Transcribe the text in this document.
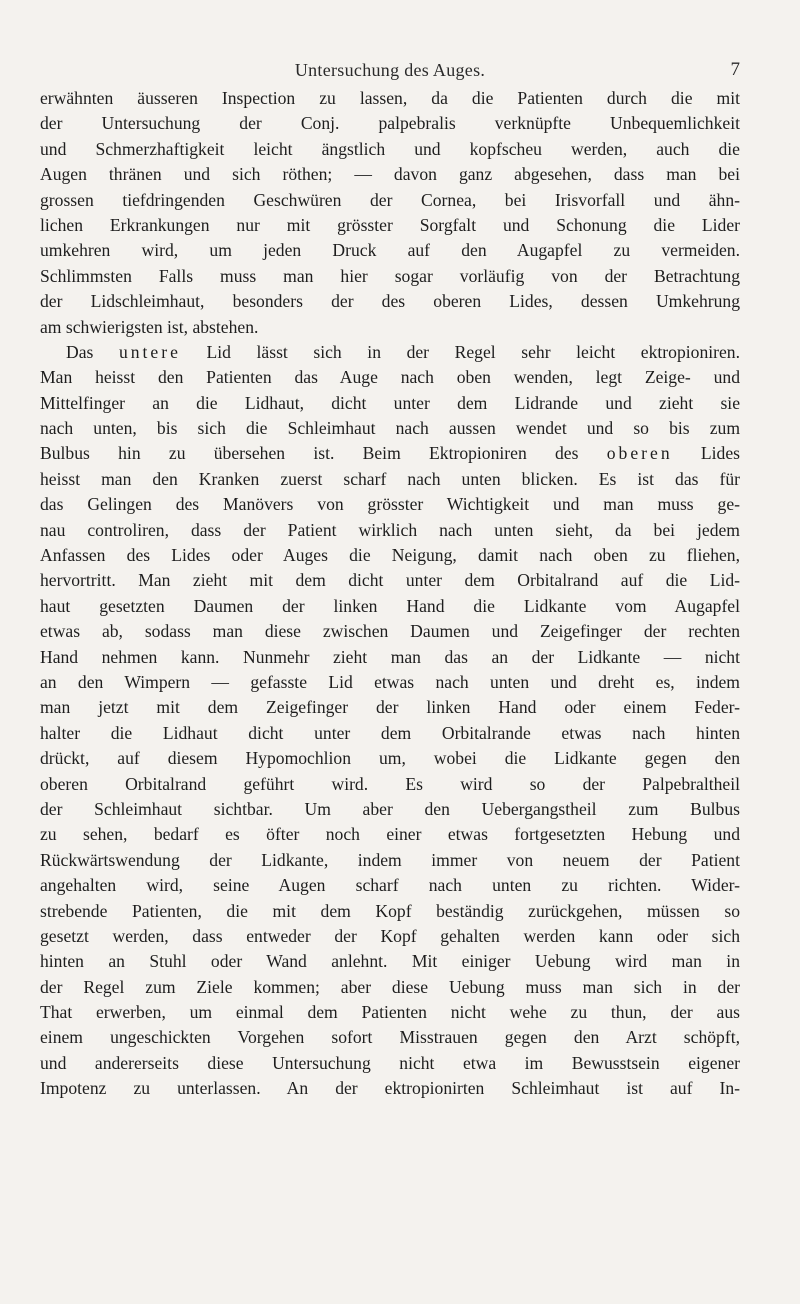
Untersuchung des Auges.	7
erwähnten äusseren Inspection zu lassen, da die Patienten durch die mit
der Untersuchung der Conj. palpebralis verknüpfte Unbequemlichkeit
und Schmerzhaftigkeit leicht ängstlich und kopfscheu werden, auch die
Augen thränen und sich röthen; — davon ganz abgesehen, dass man bei
grossen tiefdringenden Geschwüren der Cornea, bei Irisvorfall und ähn-
lichen Erkrankungen nur mit grösster Sorgfalt und Schonung die Lider
umkehren wird, um jeden Druck auf den Augapfel zu vermeiden.
Schlimmsten Falls muss man hier sogar vorläufig von der Betrachtung
der Lidschleimhaut, besonders der des oberen Lides, dessen Umkehrung
am schwierigsten ist, abstehen.
Das untere Lid lässt sich in der Regel sehr leicht ektropioniren.
Man heisst den Patienten das Auge nach oben wenden, legt Zeige- und
Mittelfinger an die Lidhaut, dicht unter dem Lidrande und zieht sie
nach unten, bis sich die Schleimhaut nach aussen wendet und so bis zum
Bulbus hin zu übersehen ist. Beim Ektropioniren des oberen Lides
heisst man den Kranken zuerst scharf nach unten blicken. Es ist das für
das Gelingen des Manövers von grösster Wichtigkeit und man muss ge-
nau controliren, dass der Patient wirklich nach unten sieht, da bei jedem
Anfassen des Lides oder Auges die Neigung, damit nach oben zu fliehen,
hervortritt. Man zieht mit dem dicht unter dem Orbitalrand auf die Lid-
haut gesetzten Daumen der linken Hand die Lidkante vom Augapfel
etwas ab, sodass man diese zwischen Daumen und Zeigefinger der rechten
Hand nehmen kann. Nunmehr zieht man das an der Lidkante — nicht
an den Wimpern — gefasste Lid etwas nach unten und dreht es, indem
man jetzt mit dem Zeigefinger der linken Hand oder einem Feder-
halter die Lidhaut dicht unter dem Orbitalrande etwas nach hinten
drückt, auf diesem Hypomochlion um, wobei die Lidkante gegen den
oberen Orbitalrand geführt wird. Es wird so der Palpebraltheil
der Schleimhaut sichtbar. Um aber den Uebergangstheil zum Bulbus
zu sehen, bedarf es öfter noch einer etwas fortgesetzten Hebung und
Rückwärtswendung der Lidkante, indem immer von neuem der Patient
angehalten wird, seine Augen scharf nach unten zu richten. Wider-
strebende Patienten, die mit dem Kopf beständig zurückgehen, müssen so
gesetzt werden, dass entweder der Kopf gehalten werden kann oder sich
hinten an Stuhl oder Wand anlehnt. Mit einiger Uebung wird man in
der Regel zum Ziele kommen; aber diese Uebung muss man sich in der
That erwerben, um einmal dem Patienten nicht wehe zu thun, der aus
einem ungeschickten Vorgehen sofort Misstrauen gegen den Arzt schöpft,
und andererseits diese Untersuchung nicht etwa im Bewusstsein eigener
Impotenz zu unterlassen. An der ektropionirten Schleimhaut ist auf In-
